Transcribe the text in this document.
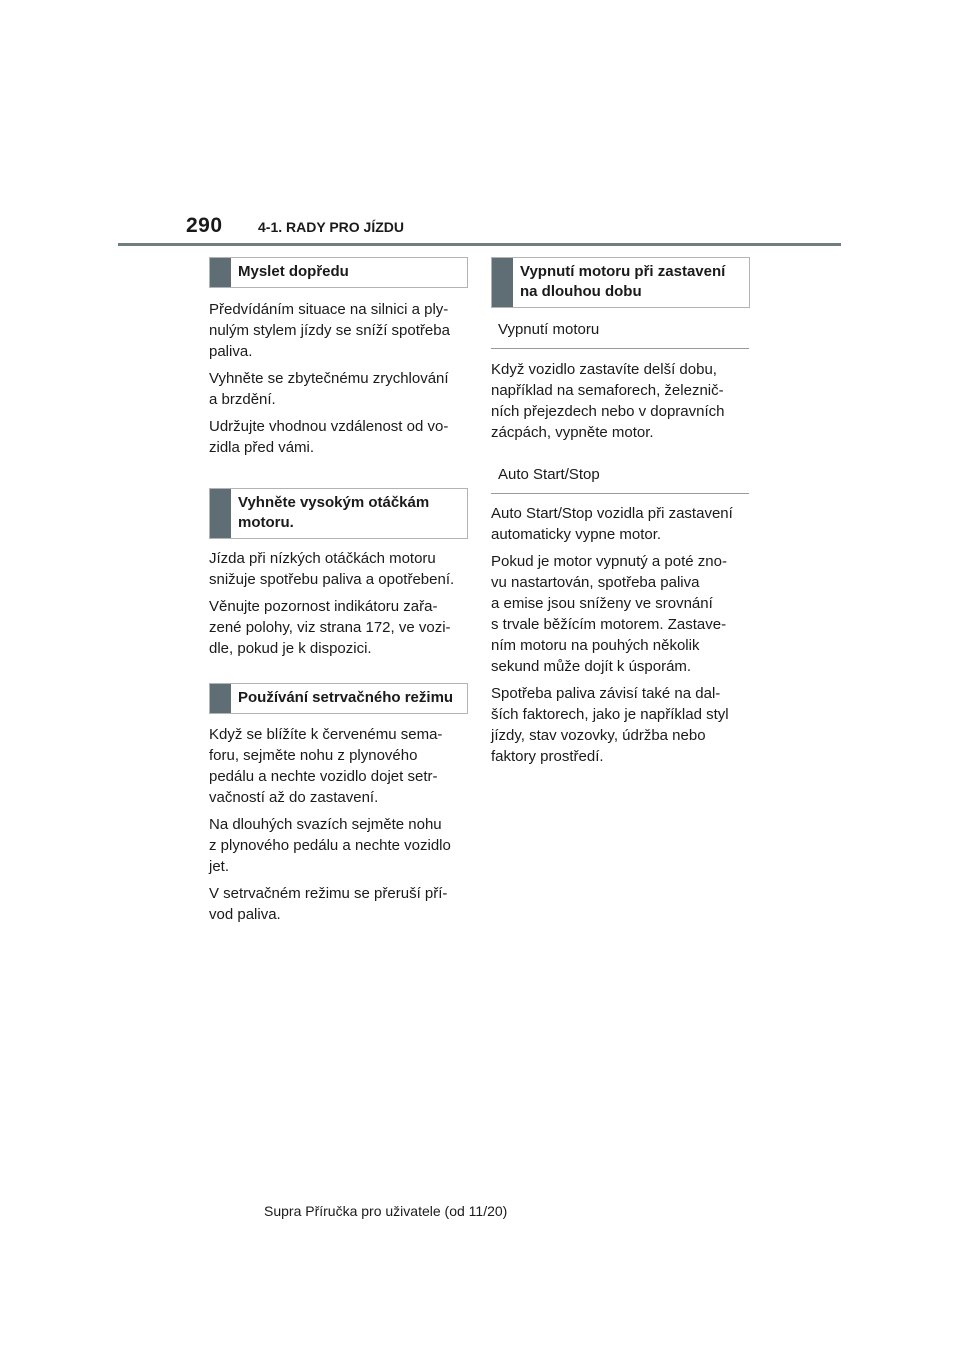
290	4-1. RADY PRO JÍZDU
Myslet dopředu

Předvídáním situace na silnici a ply-
nulým stylem jízdy se sníží spotřeba
paliva.

Vyhněte se zbytečnému zrychlování
a brzdění.

Udržujte vhodnou vzdálenost od vo-
zidla před vámi.

Vyhněte vysokým otáčkám
motoru.

Jízda při nízkých otáčkách motoru
snižuje spotřebu paliva a opotřebení.

Věnujte pozornost indikátoru zařa-
zené polohy, viz strana 172, ve vozi-
dle, pokud je k dispozici.

Používání setrvačného režimu

Když se blížíte k červenému sema-
foru, sejměte nohu z plynového
pedálu a nechte vozidlo dojet setr-
vačností až do zastavení.

Na dlouhých svazích sejměte nohu
z plynového pedálu a nechte vozidlo
jet.

V setrvačném režimu se přeruší pří-
vod paliva.

Vypnutí motoru při zastavení
na dlouhou dobu
Vypnutí motoru

Když vozidlo zastavíte delší dobu,
například na semaforech, železnič-
ních přejezdech nebo v dopravních
zácpách, vypněte motor.

Auto Start/Stop

Auto Start/Stop vozidla při zastavení
automaticky vypne motor.

Pokud je motor vypnutý a poté zno-
vu nastartován, spotřeba paliva
a emise jsou sníženy ve srovnání
s trvale běžícím motorem. Zastave-
ním motoru na pouhých několik
sekund může dojít k úsporám.

Spotřeba paliva závisí také na dal-
ších faktorech, jako je například styl
jízdy, stav vozovky, údržba nebo
faktory prostředí.

Supra Příručka pro uživatele (od 11/20)
